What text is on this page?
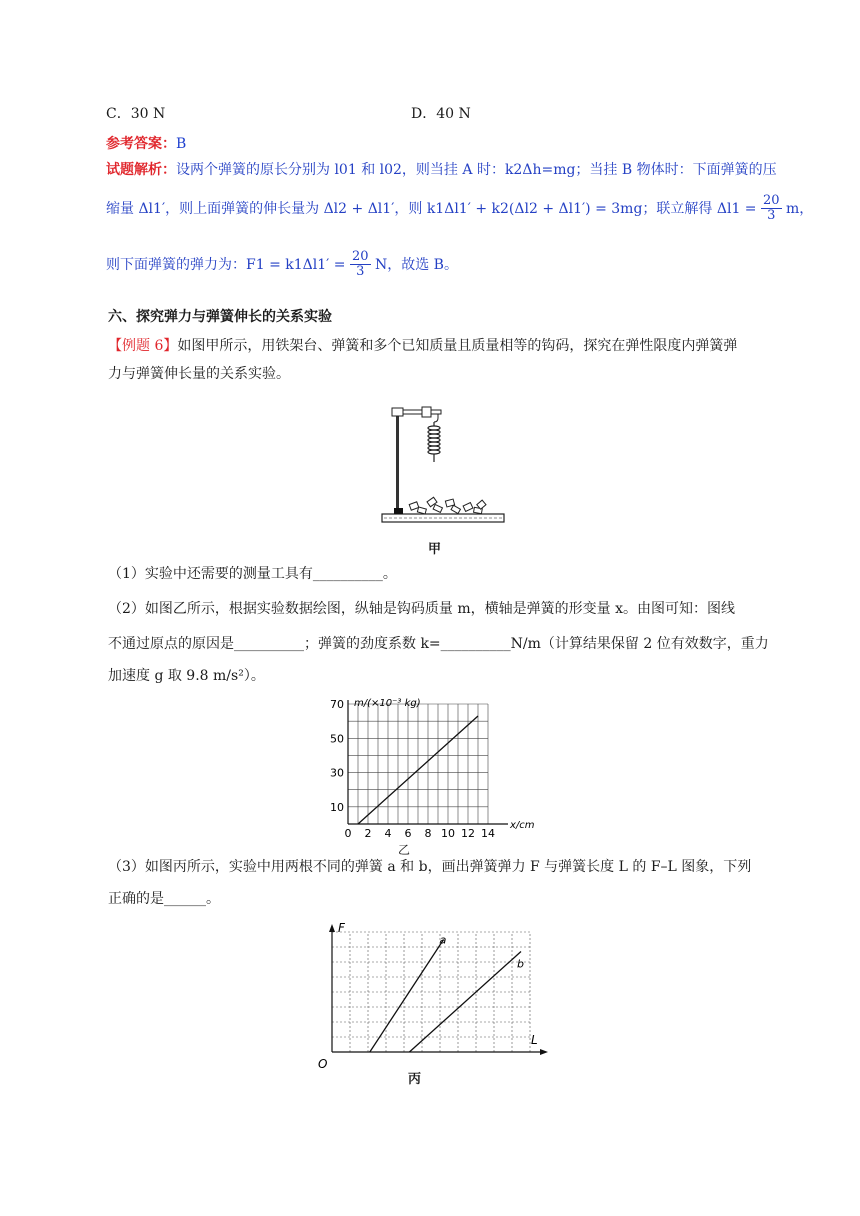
C．30 N	D．40 N
参考答案：B
试题解析：设两个弹簧的原长分别为 l01 和 l02，则当挂 A 时：k2Δh=mg；当挂 B 物体时：下面弹簧的压
缩量 Δl1′，则上面弹簧的伸长量为 Δl2 + Δl1′，则 k1Δl1′ + k2(Δl2 + Δl1′) = 3mg；联立解得 $\Delta l1 = \frac{20}{3}$ m，
则下面弹簧的弹力为：$F1 = k1\Delta l1' = \frac{20}{3}$ N，故选 B。
六、探究弹力与弹簧伸长的关系实验
【例题 6】如图甲所示，用铁架台、弹簧和多个已知质量且质量相等的钩码，探究在弹性限度内弹簧弹
力与弹簧伸长量的关系实验。
甲
（1）实验中还需要的测量工具有__________。
（2）如图乙所示，根据实验数据绘图，纵轴是钩码质量 m，横轴是弹簧的形变量 x。由图可知：图线
不通过原点的原因是__________；弹簧的劲度系数 k=__________N/m（计算结果保留 2 位有效数字，重力
加速度 g 取 9.8 m/s²）。
0 2 4 6 8 10 12 14
10
30
50
70
x/cm
m/(×10⁻³ kg)
乙
（3）如图丙所示，实验中用两根不同的弹簧 a 和 b，画出弹簧弹力 F 与弹簧长度 L 的 F–L 图象，下列
正确的是______。
a
b
F
L
O
丙
